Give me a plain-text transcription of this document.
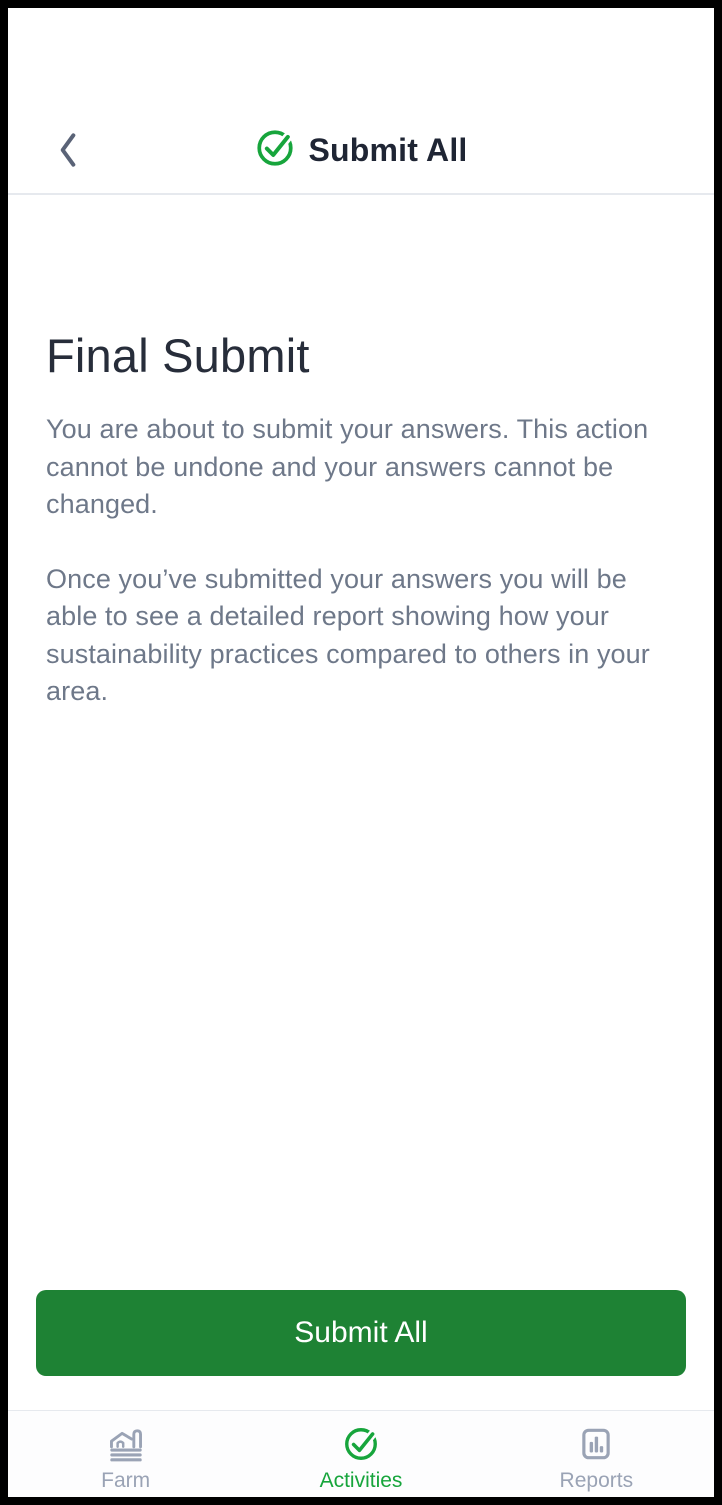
Submit All
Final Submit

You are about to submit your answers. This action cannot be undone and your answers cannot be changed.

Once you’ve submitted your answers you will be able to see a detailed report showing how your sustainability practices compared to others in your area.

Submit All
Farm	Activities	Reports
